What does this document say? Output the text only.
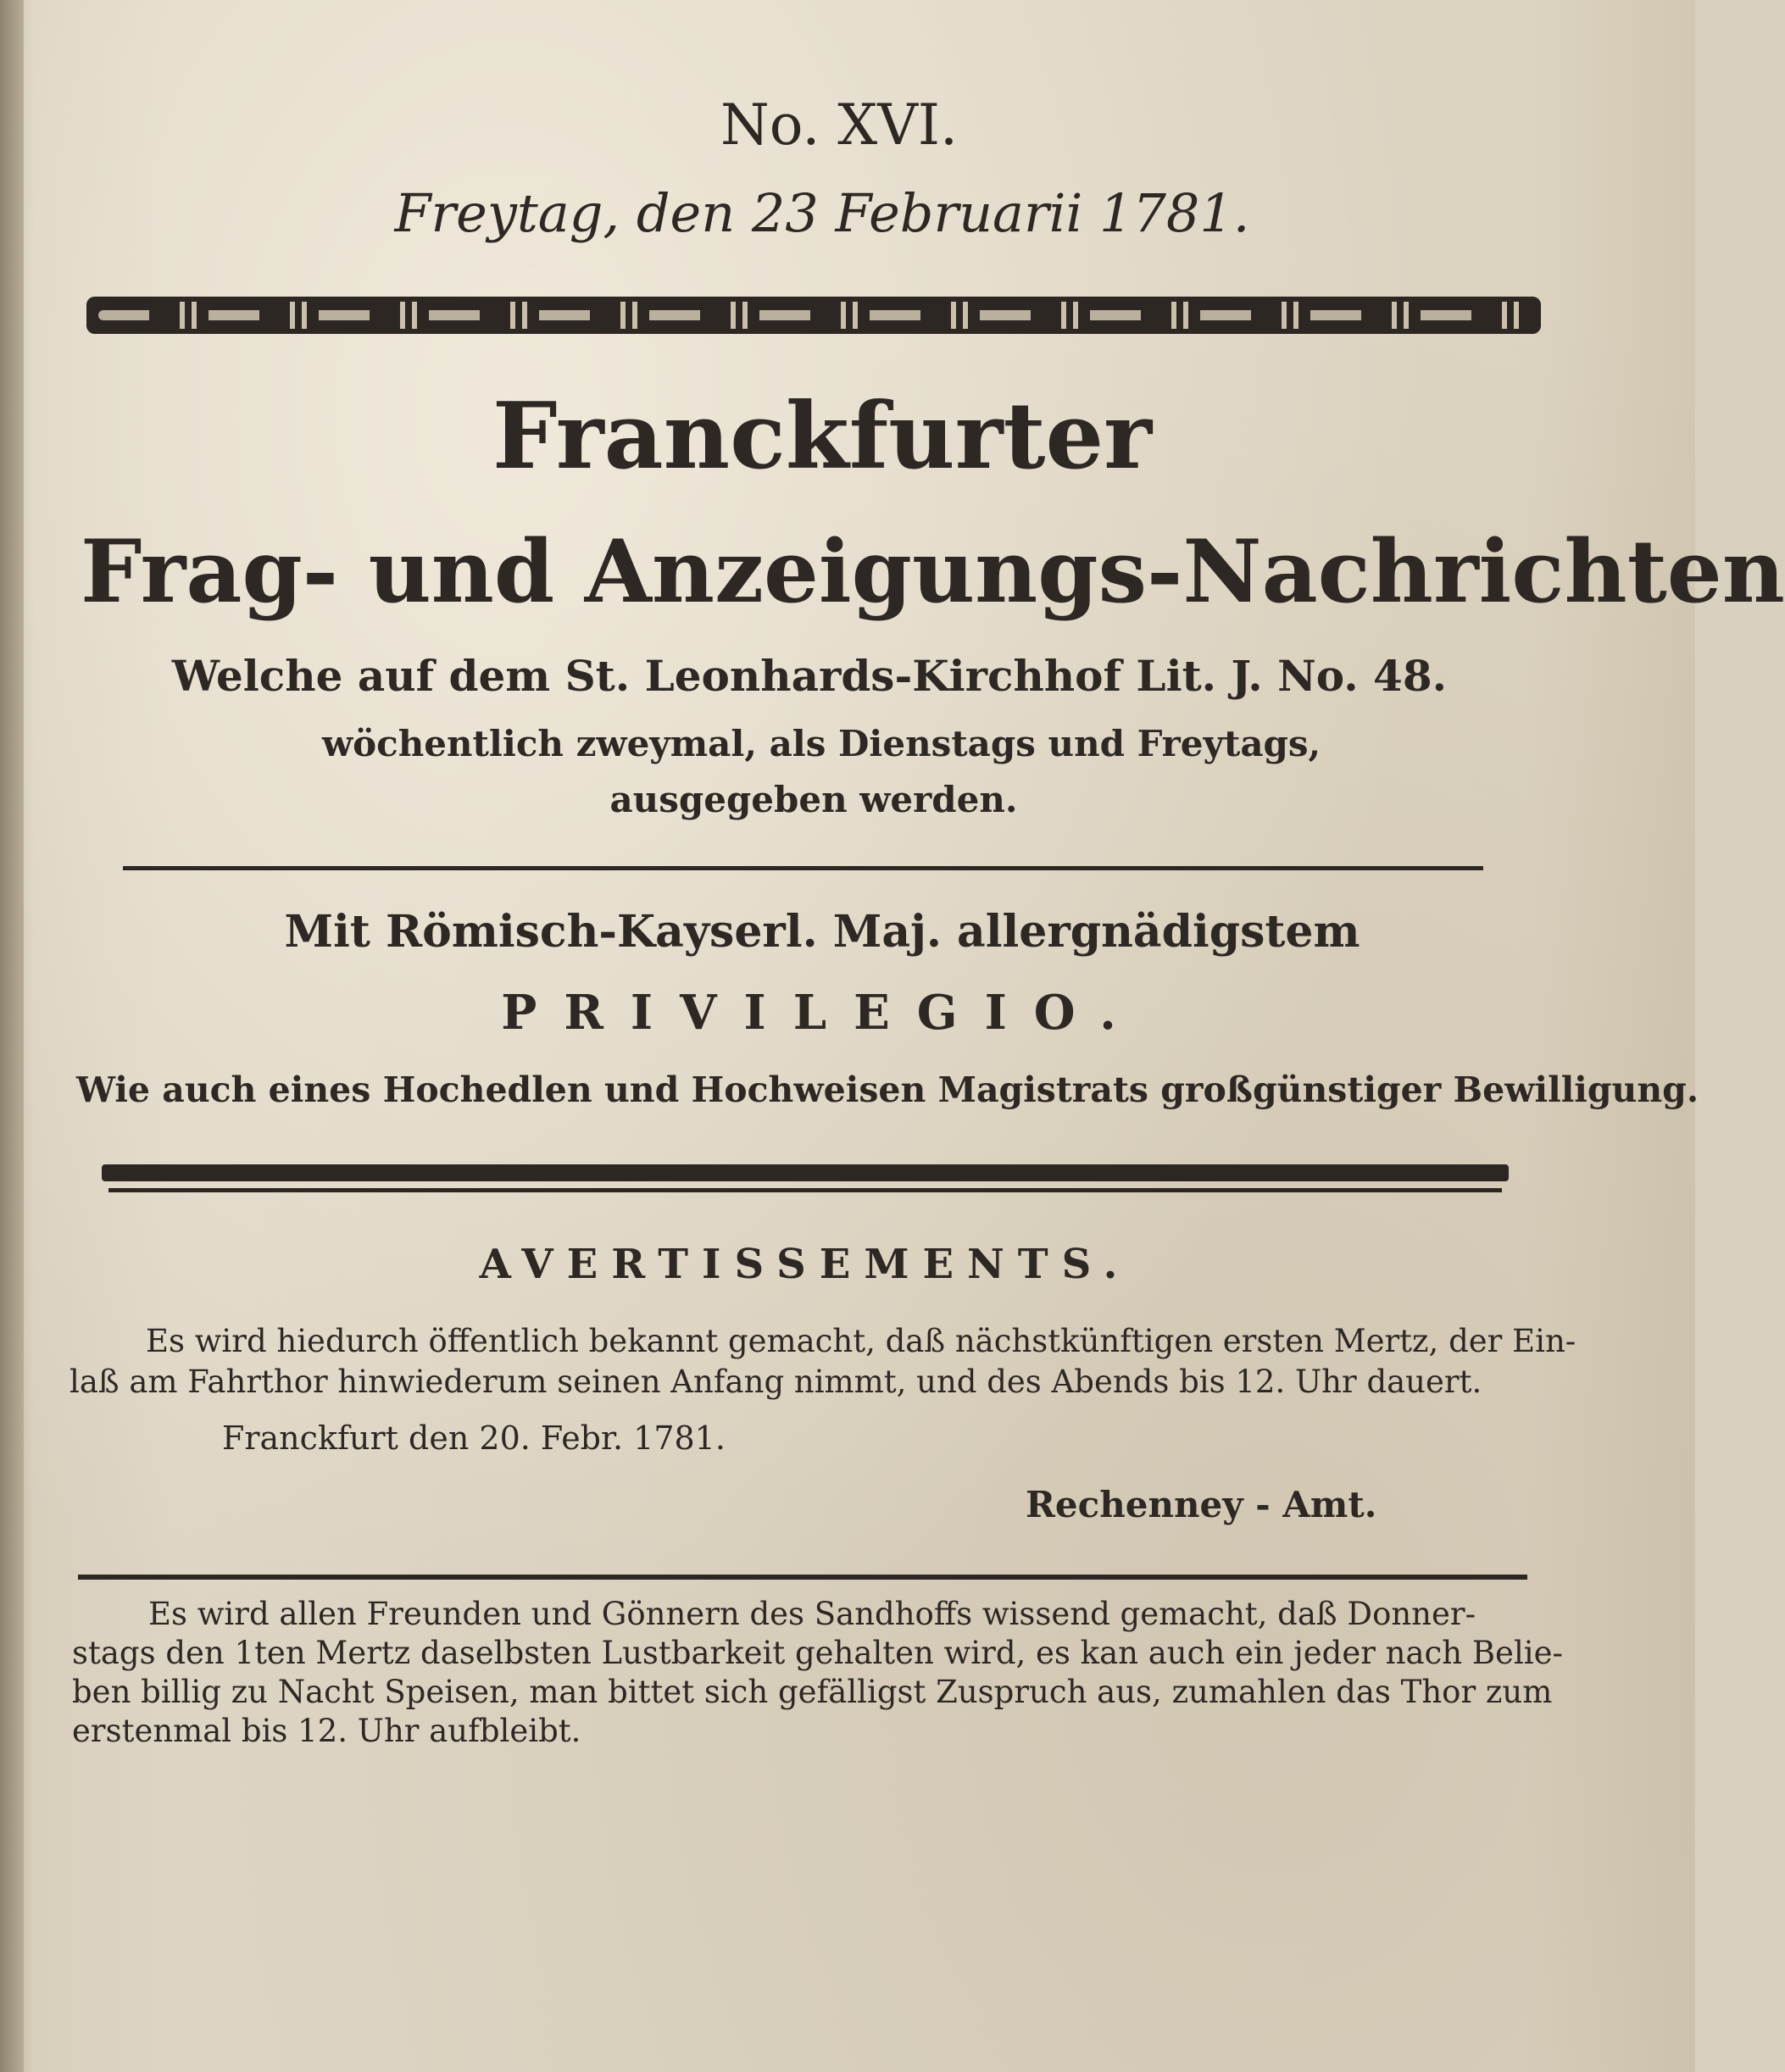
No. XVI.
Freytag, den 23 Februarii 1781.
Franckfurter
Frag- und Anzeigungs-Nachrichten
Welche auf dem St. Leonhards-Kirchhof Lit. J. No. 48.
wöchentlich zweymal, als Dienstags und Freytags,
ausgegeben werden.
Mit Römisch-Kayserl. Maj. allergnädigstem
PRIVILEGIO.
Wie auch eines Hochedlen und Hochweisen Magistrats großgünstiger Bewilligung.
AVERTISSEMENTS.
Es wird hiedurch öffentlich bekannt gemacht, daß nächstkünftigen ersten Mertz, der Ein-
laß am Fahrthor hinwiederum seinen Anfang nimmt, und des Abends bis 12. Uhr dauert.
Franckfurt den 20. Febr. 1781.
Rechenney - Amt.
Es wird allen Freunden und Gönnern des Sandhoffs wissend gemacht, daß Donner-
stags den 1ten Mertz daselbsten Lustbarkeit gehalten wird, es kan auch ein jeder nach Belie-
ben billig zu Nacht Speisen, man bittet sich gefälligst Zuspruch aus, zumahlen das Thor zum
erstenmal bis 12. Uhr aufbleibt.
